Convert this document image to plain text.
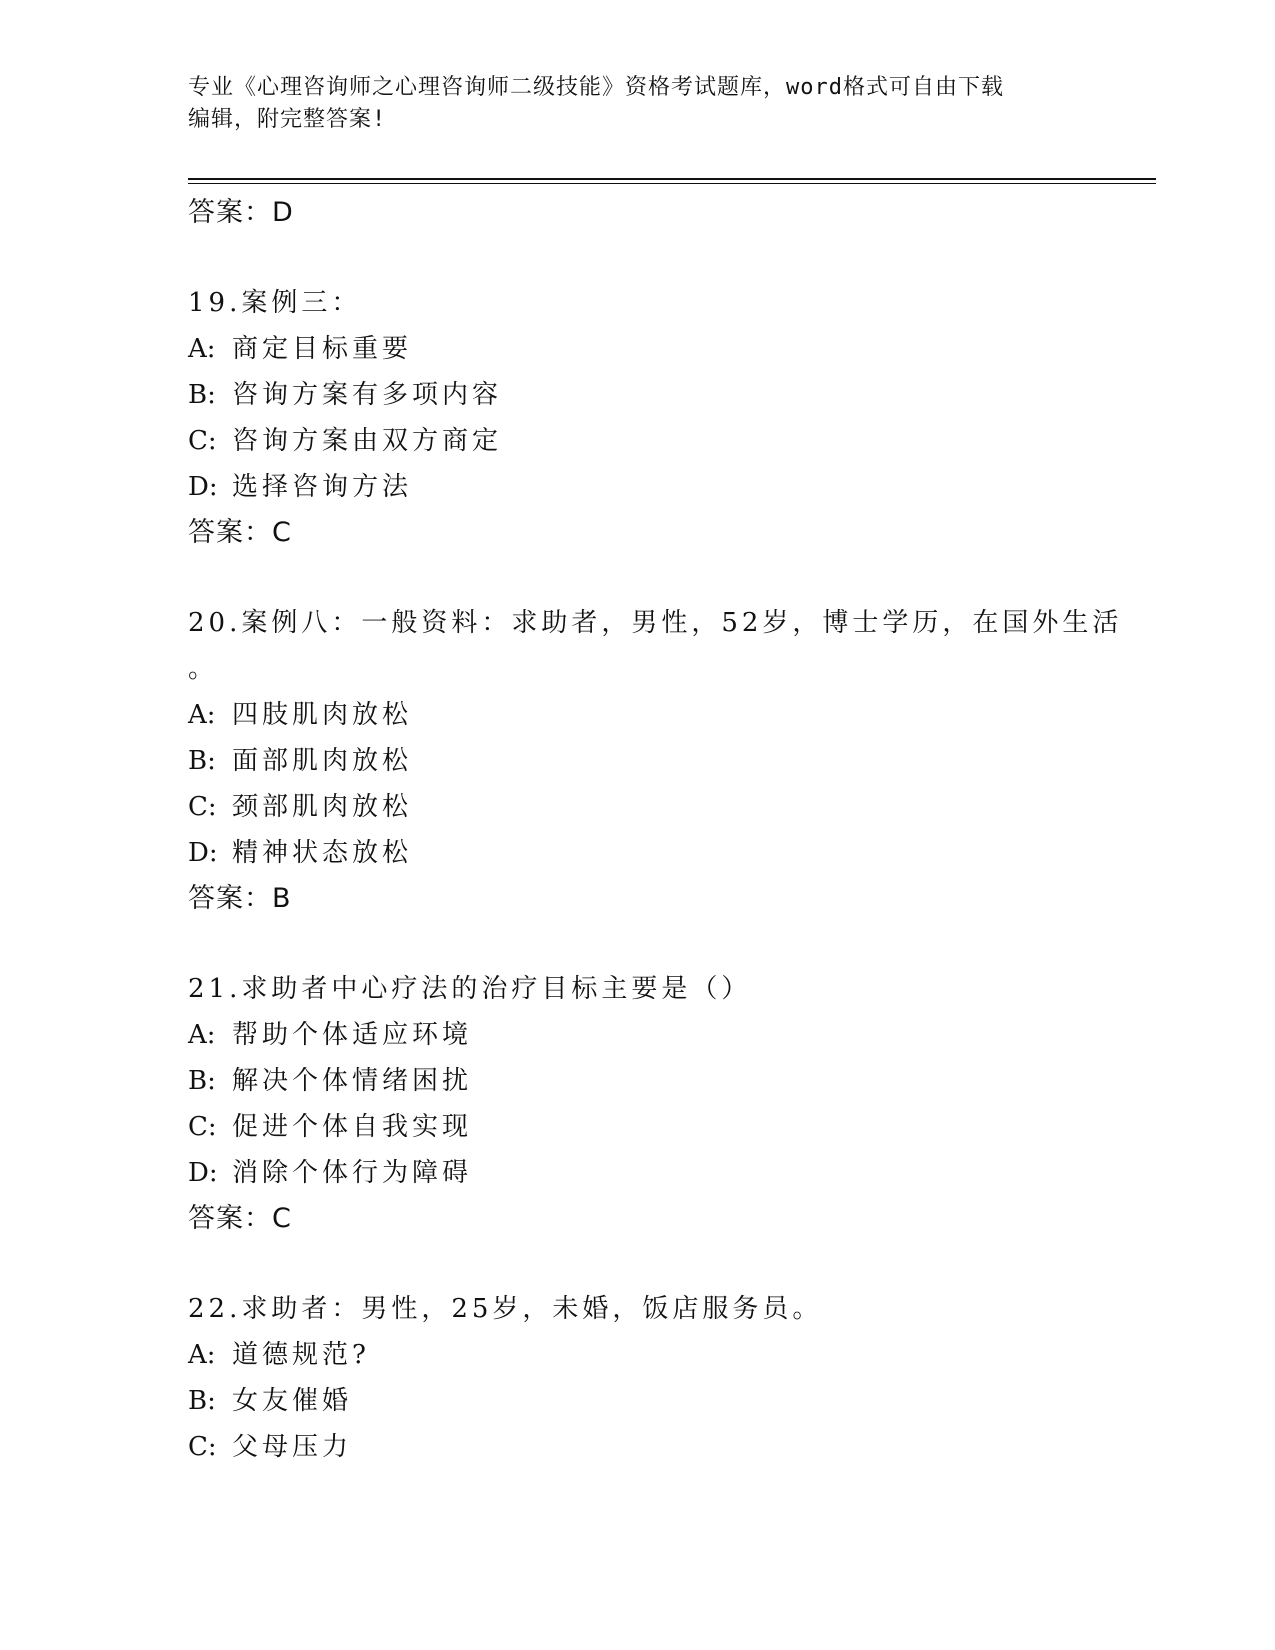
专业《心理咨询师之心理咨询师二级技能》资格考试题库，word格式可自由下载
编辑，附完整答案!
答案：D
19.案例三：
A: 商定目标重要
B: 咨询方案有多项内容
C: 咨询方案由双方商定
D: 选择咨询方法
答案：C
20.案例八：一般资料：求助者，男性，52岁，博士学历，在国外生活
。
A: 四肢肌肉放松
B: 面部肌肉放松
C: 颈部肌肉放松
D: 精神状态放松
答案：B
21.求助者中心疗法的治疗目标主要是（）
A: 帮助个体适应环境
B: 解决个体情绪困扰
C: 促进个体自我实现
D: 消除个体行为障碍
答案：C
22.求助者：男性，25岁，未婚，饭店服务员。
A: 道德规范?
B: 女友催婚
C: 父母压力
